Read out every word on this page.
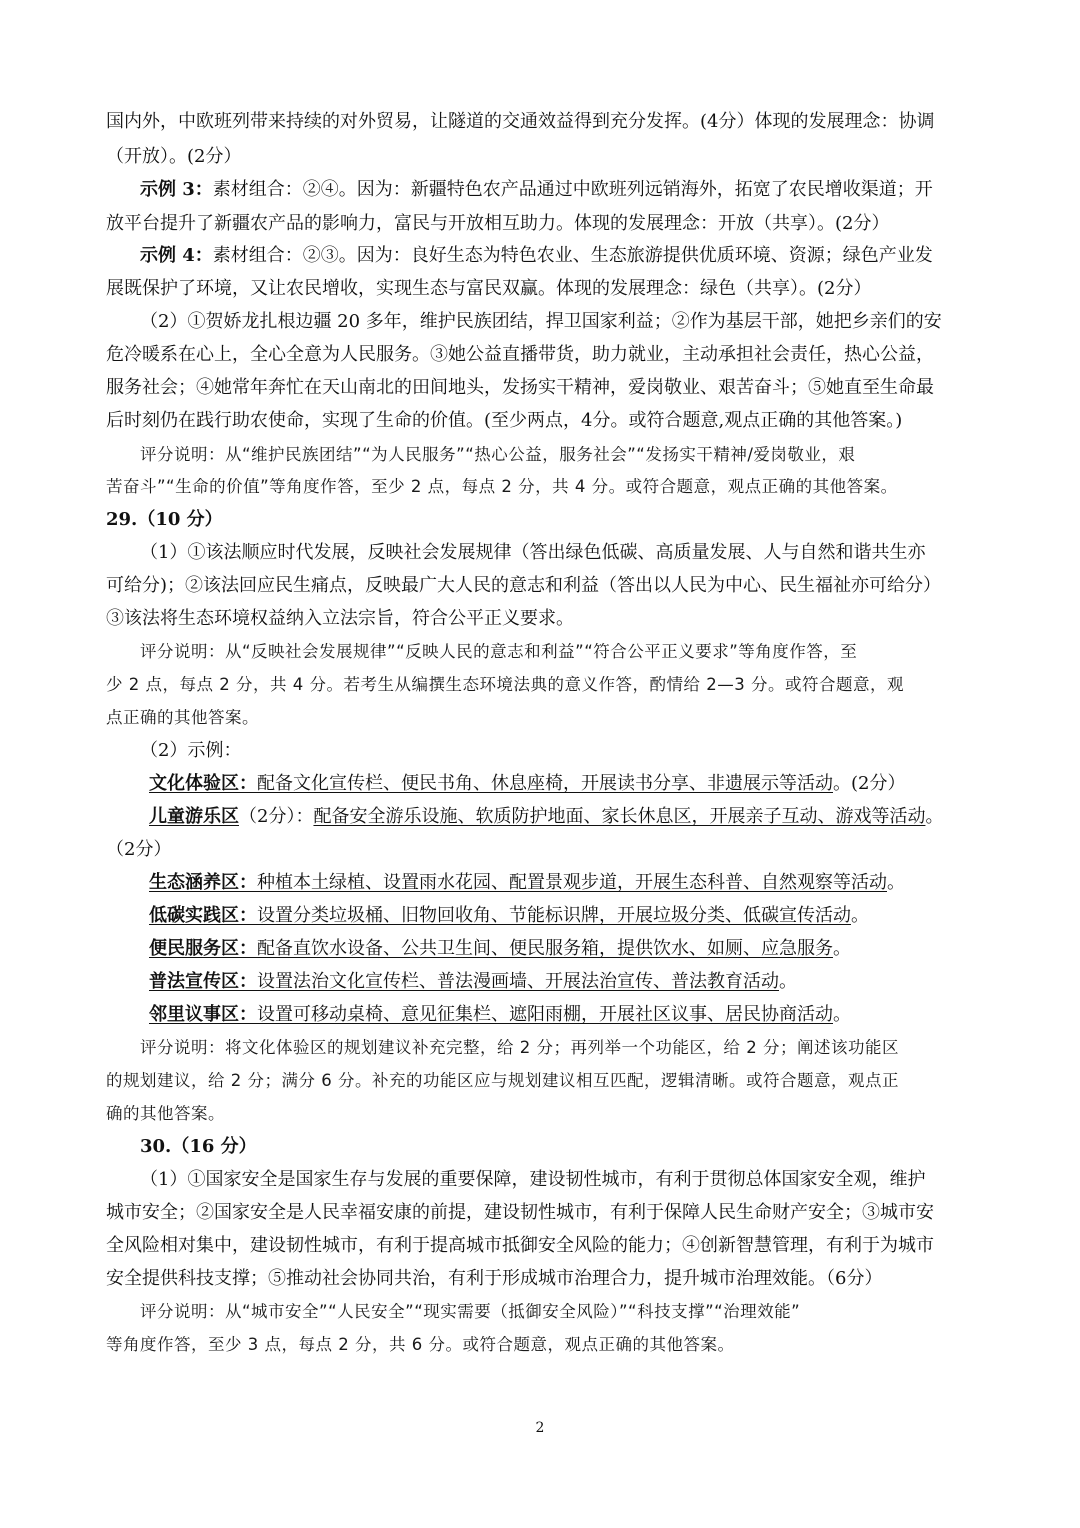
国内外，中欧班列带来持续的对外贸易，让隧道的交通效益得到充分发挥。(4分）体现的发展理念：协调
（开放）。(2分）
示例 3：素材组合：②④。因为：新疆特色农产品通过中欧班列远销海外，拓宽了农民增收渠道；开
放平台提升了新疆农产品的影响力，富民与开放相互助力。体现的发展理念：开放（共享）。(2分）
示例 4：素材组合：②③。因为：良好生态为特色农业、生态旅游提供优质环境、资源；绿色产业发
展既保护了环境，又让农民增收，实现生态与富民双赢。体现的发展理念：绿色（共享）。(2分）
（2）①贺娇龙扎根边疆 20 多年，维护民族团结，捍卫国家利益；②作为基层干部，她把乡亲们的安
危冷暖系在心上，全心全意为人民服务。③她公益直播带货，助力就业，主动承担社会责任，热心公益，
服务社会；④她常年奔忙在天山南北的田间地头，发扬实干精神，爱岗敬业、艰苦奋斗；⑤她直至生命最
后时刻仍在践行助农使命，实现了生命的价值。(至少两点，4分。或符合题意,观点正确的其他答案。)
评分说明：从“维护民族团结”“为人民服务”“热心公益，服务社会”“发扬实干精神/爱岗敬业，艰
苦奋斗”“生命的价值”等角度作答，至少 2 点，每点 2 分，共 4 分。或符合题意，观点正确的其他答案。
29.（10 分）
（1）①该法顺应时代发展，反映社会发展规律（答出绿色低碳、高质量发展、人与自然和谐共生亦
可给分)；②该法回应民生痛点，反映最广大人民的意志和利益（答出以人民为中心、民生福祉亦可给分）
③该法将生态环境权益纳入立法宗旨，符合公平正义要求。
评分说明：从“反映社会发展规律”“反映人民的意志和利益”“符合公平正义要求”等角度作答，至
少 2 点，每点 2 分，共 4 分。若考生从编撰生态环境法典的意义作答，酌情给 2—3 分。或符合题意，观
点正确的其他答案。
（2）示例：
文化体验区：配备文化宣传栏、便民书角、休息座椅，开展读书分享、非遗展示等活动。(2分）
儿童游乐区（2分）：配备安全游乐设施、软质防护地面、家长休息区，开展亲子互动、游戏等活动。
（2分）
生态涵养区：种植本土绿植、设置雨水花园、配置景观步道，开展生态科普、自然观察等活动。
低碳实践区：设置分类垃圾桶、旧物回收角、节能标识牌，开展垃圾分类、低碳宣传活动。
便民服务区：配备直饮水设备、公共卫生间、便民服务箱，提供饮水、如厕、应急服务。
普法宣传区：设置法治文化宣传栏、普法漫画墙、开展法治宣传、普法教育活动。
邻里议事区：设置可移动桌椅、意见征集栏、遮阳雨棚，开展社区议事、居民协商活动。
评分说明：将文化体验区的规划建议补充完整，给 2 分；再列举一个功能区，给 2 分；阐述该功能区
的规划建议，给 2 分；满分 6 分。补充的功能区应与规划建议相互匹配，逻辑清晰。或符合题意，观点正
确的其他答案。
30.（16 分）
（1）①国家安全是国家生存与发展的重要保障，建设韧性城市，有利于贯彻总体国家安全观，维护
城市安全；②国家安全是人民幸福安康的前提，建设韧性城市，有利于保障人民生命财产安全；③城市安
全风险相对集中，建设韧性城市，有利于提高城市抵御安全风险的能力；④创新智慧管理，有利于为城市
安全提供科技支撑；⑤推动社会协同共治，有利于形成城市治理合力，提升城市治理效能。（6分）
评分说明：从“城市安全”“人民安全”“现实需要（抵御安全风险）”“科技支撑”“治理效能”
等角度作答，至少 3 点，每点 2 分，共 6 分。或符合题意，观点正确的其他答案。
2
